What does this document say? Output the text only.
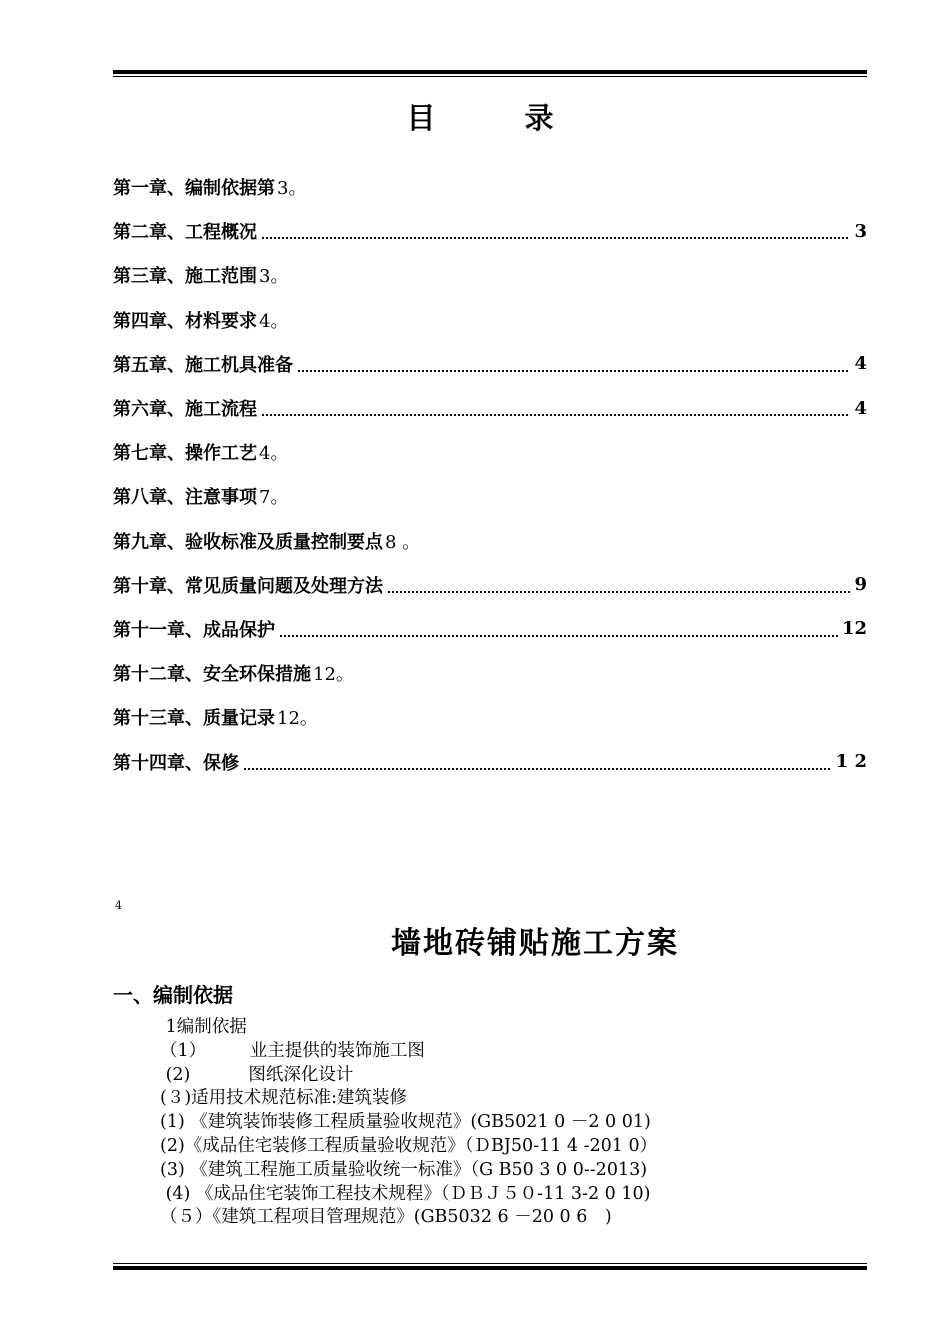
目　录
第一章、编制依据第 3。
第二章、工程概况	3
第三章、施工范围 3。
第四章、材料要求 4。
第五章、施工机具准备	4
第六章、施工流程	4
第七章、操作工艺 4。
第八章、注意事项 7。
第九章、验收标准及质量控制要点 8 。
第十章、常见质量问题及处理方法	9
第十一章、成品保护	12
第十二章、安全环保措施 12。
第十三章、质量记录 12。
第十四章、保修	1 2
4
墙地砖铺贴施工方案
一、编制依据
1编制依据
（1）　　　业主提供的装饰施工图
(2)　　　 图纸深化设计
(３)适用技术规范标准:建筑装修
(1) 《建筑装饰装修工程质量验收规范》(GB5021 0 －2 0 01)
(2)《成品住宅装修工程质量验收规范》（ＤBJ50-11 4 -201 0）
(3) 《建筑工程施工质量验收统一标准》（G B50 3 0 0--2013)
(4) 《成品住宅装饰工程技术规程》（ＤＢＪ５０-11 3-2 0 10)
（５）《建筑工程项目管理规范》(GB5032 6 －20 0 6　)
